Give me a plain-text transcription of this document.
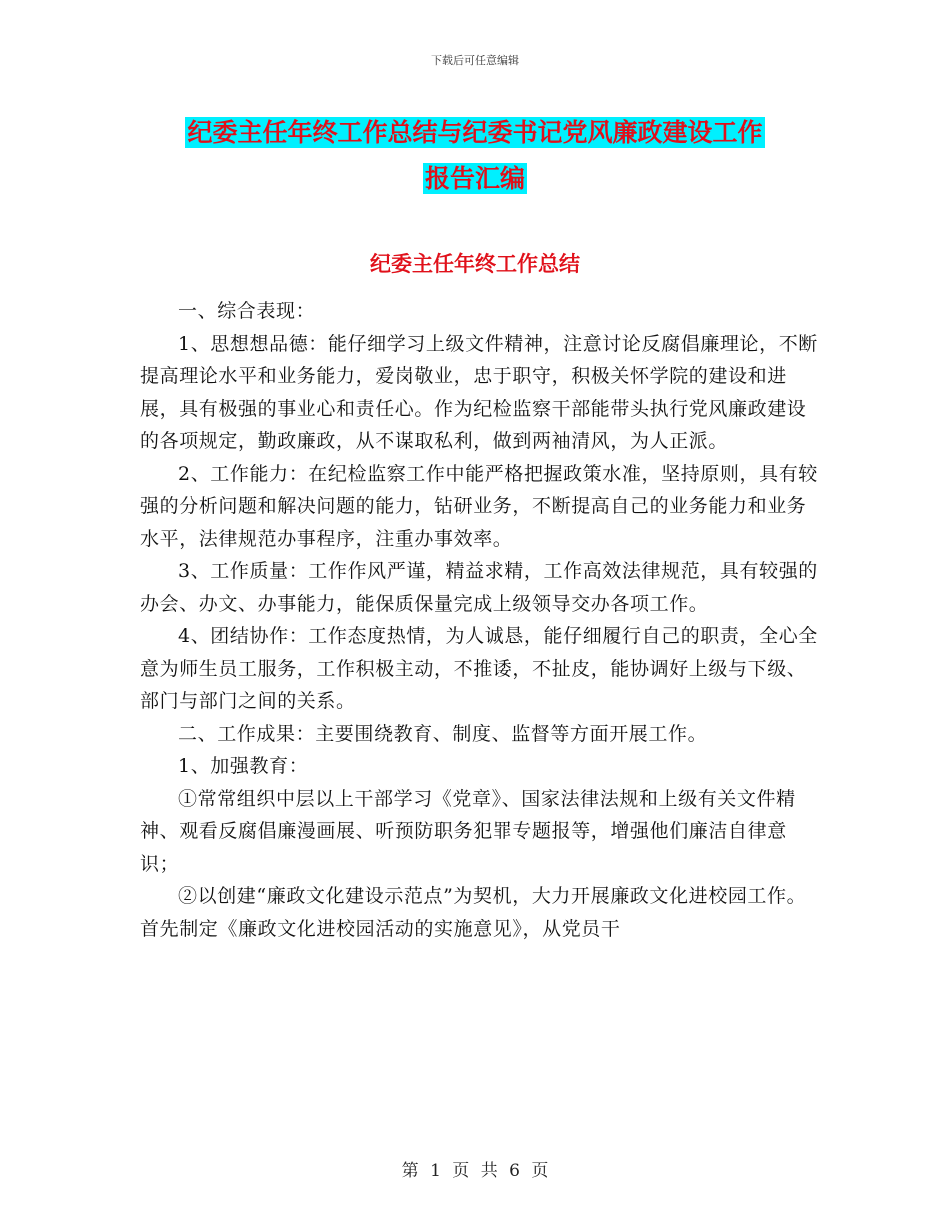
下载后可任意编辑
纪委主任年终工作总结与纪委书记党风廉政建设工作
报告汇编
纪委主任年终工作总结

一、综合表现：

1、思想想品德：能仔细学习上级文件精神，注意讨论反腐倡廉理论，不断提高理论水平和业务能力，爱岗敬业，忠于职守，积极关怀学院的建设和进展，具有极强的事业心和责任心。作为纪检监察干部能带头执行党风廉政建设的各项规定，勤政廉政，从不谋取私利，做到两袖清风，为人正派。

2、工作能力：在纪检监察工作中能严格把握政策水准，坚持原则，具有较强的分析问题和解决问题的能力，钻研业务，不断提高自己的业务能力和业务水平，法律规范办事程序，注重办事效率。

3、工作质量：工作作风严谨，精益求精，工作高效法律规范，具有较强的办会、办文、办事能力，能保质保量完成上级领导交办各项工作。

4、团结协作：工作态度热情，为人诚恳，能仔细履行自己的职责，全心全意为师生员工服务，工作积极主动，不推诿，不扯皮，能协调好上级与下级、部门与部门之间的关系。

二、工作成果：主要围绕教育、制度、监督等方面开展工作。

1、加强教育：

①常常组织中层以上干部学习《党章》、国家法律法规和上级有关文件精神、观看反腐倡廉漫画展、听预防职务犯罪专题报等，增强他们廉洁自律意识；

②以创建“廉政文化建设示范点”为契机，大力开展廉政文化进校园工作。首先制定《廉政文化进校园活动的实施意见》，从党员干

第 1 页 共 6 页
